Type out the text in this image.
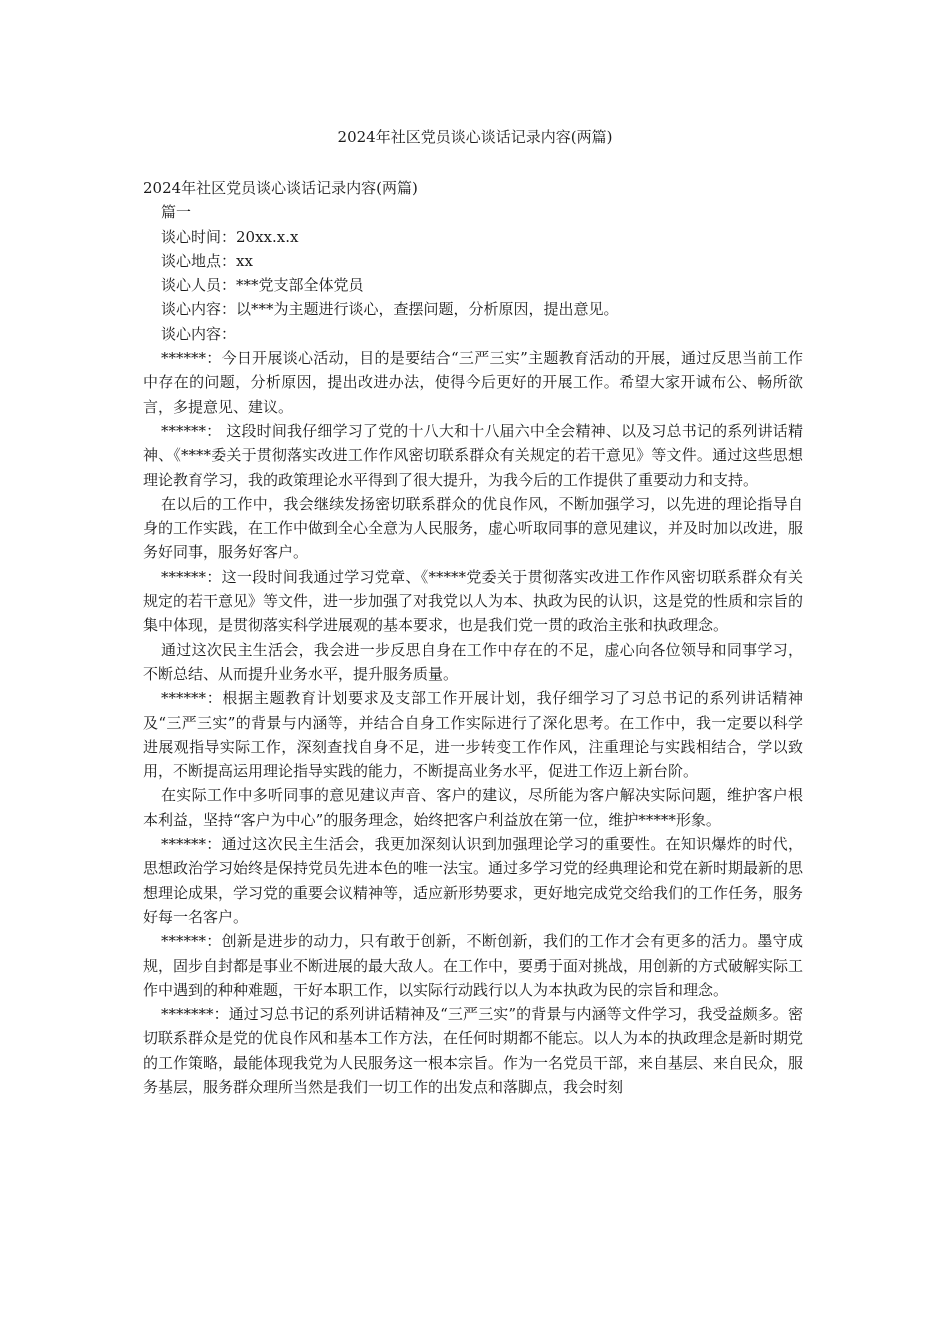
2024年社区党员谈心谈话记录内容(两篇)

2024年社区党员谈心谈话记录内容(两篇)

篇一

谈心时间：20xx.x.x

谈心地点：xx

谈心人员：***党支部全体党员

谈心内容：以***为主题进行谈心，查摆问题，分析原因，提出意见。

谈心内容：

******：今日开展谈心活动，目的是要结合“三严三实”主题教育活动的开展，通过反思当前工作中存在的问题，分析原因，提出改进办法，使得今后更好的开展工作。希望大家开诚布公、畅所欲言，多提意见、建议。

******： 这段时间我仔细学习了党的十八大和十八届六中全会精神、以及习总书记的系列讲话精神、《****委关于贯彻落实改进工作作风密切联系群众有关规定的若干意见》等文件。通过这些思想理论教育学习，我的政策理论水平得到了很大提升，为我今后的工作提供了重要动力和支持。

在以后的工作中，我会继续发扬密切联系群众的优良作风，不断加强学习，以先进的理论指导自身的工作实践，在工作中做到全心全意为人民服务，虚心听取同事的意见建议，并及时加以改进，服务好同事，服务好客户。

******：这一段时间我通过学习党章、《*****党委关于贯彻落实改进工作作风密切联系群众有关规定的若干意见》等文件，进一步加强了对我党以人为本、执政为民的认识，这是党的性质和宗旨的集中体现，是贯彻落实科学进展观的基本要求，也是我们党一贯的政治主张和执政理念。

通过这次民主生活会，我会进一步反思自身在工作中存在的不足，虚心向各位领导和同事学习，不断总结、从而提升业务水平，提升服务质量。

******：根据主题教育计划要求及支部工作开展计划，我仔细学习了习总书记的系列讲话精神及“三严三实”的背景与内涵等，并结合自身工作实际进行了深化思考。在工作中，我一定要以科学进展观指导实际工作，深刻查找自身不足，进一步转变工作作风，注重理论与实践相结合，学以致用，不断提高运用理论指导实践的能力，不断提高业务水平，促进工作迈上新台阶。

在实际工作中多听同事的意见建议声音、客户的建议，尽所能为客户解决实际问题，维护客户根本利益，坚持“客户为中心”的服务理念，始终把客户利益放在第一位，维护*****形象。

******：通过这次民主生活会，我更加深刻认识到加强理论学习的重要性。在知识爆炸的时代，思想政治学习始终是保持党员先进本色的唯一法宝。通过多学习党的经典理论和党在新时期最新的思想理论成果，学习党的重要会议精神等，适应新形势要求，更好地完成党交给我们的工作任务，服务好每一名客户。

******：创新是进步的动力，只有敢于创新，不断创新，我们的工作才会有更多的活力。墨守成规，固步自封都是事业不断进展的最大敌人。在工作中，要勇于面对挑战，用创新的方式破解实际工作中遇到的种种难题，干好本职工作，以实际行动践行以人为本执政为民的宗旨和理念。

*******：通过习总书记的系列讲话精神及“三严三实”的背景与内涵等文件学习，我受益颇多。密切联系群众是党的优良作风和基本工作方法，在任何时期都不能忘。以人为本的执政理念是新时期党的工作策略，最能体现我党为人民服务这一根本宗旨。作为一名党员干部，来自基层、来自民众，服务基层，服务群众理所当然是我们一切工作的出发点和落脚点，我会时刻
